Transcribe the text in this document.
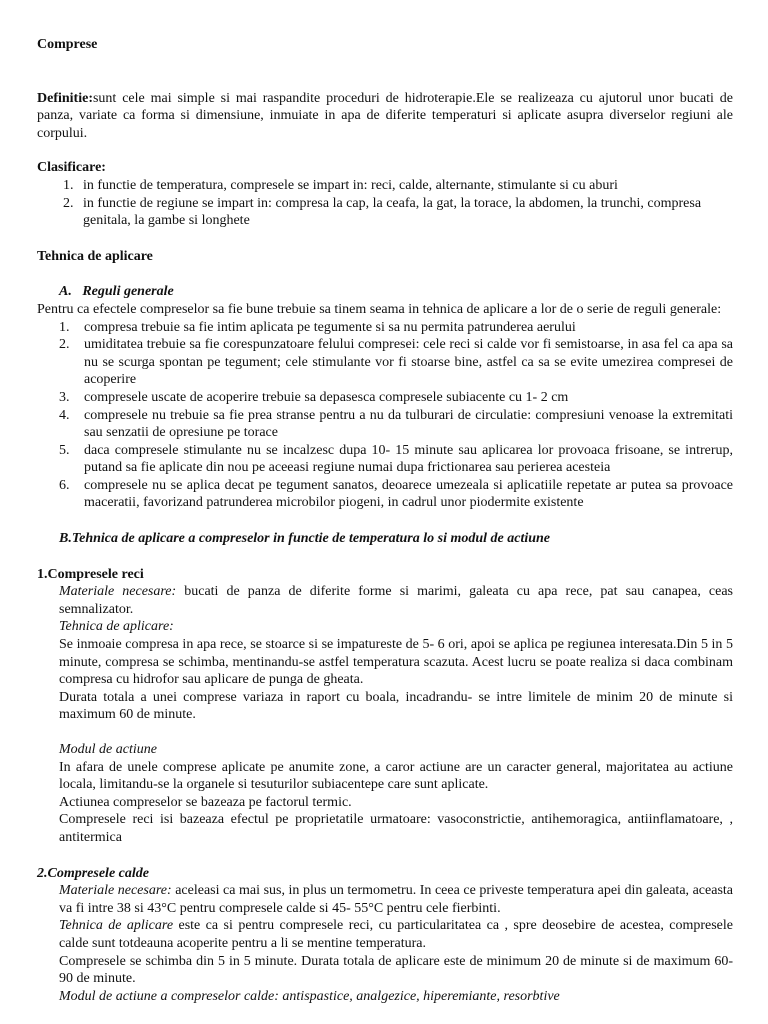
Comprese

Definitie:sunt cele mai simple si mai raspandite proceduri de hidroterapie.Ele se realizeaza cu ajutorul unor bucati de panza, variate ca forma si dimensiune, inmuiate in apa de diferite temperaturi si aplicate asupra diverselor regiuni ale corpului.

Clasificare:

1. in functie de temperatura, compresele se impart in: reci, calde, alternante, stimulante si cu aburi
2. in functie de regiune se impart in: compresa la cap, la ceafa, la gat, la torace, la abdomen, la trunchi, compresa genitala, la gambe si longhete

Tehnica de aplicare

A.   Reguli generale

Pentru ca efectele compreselor sa fie bune trebuie sa tinem seama in tehnica de aplicare a lor de o serie de reguli generale:

1. compresa trebuie sa fie intim aplicata pe tegumente si sa nu permita patrunderea aerului
2. umiditatea trebuie sa fie corespunzatoare felului compresei: cele reci si calde vor fi semistoarse, in asa fel ca apa sa nu se scurga spontan pe tegument; cele stimulante vor fi stoarse bine, astfel ca sa se evite umezirea compresei de acoperire
3. compresele uscate de acoperire trebuie sa depasesca compresele subiacente cu 1- 2 cm
4. compresele nu trebuie sa fie prea stranse pentru a nu da tulburari de circulatie: compresiuni venoase la extremitati sau senzatii de opresiune pe torace
5. daca compresele stimulante nu se incalzesc dupa 10- 15 minute sau aplicarea lor provoaca frisoane, se intrerup, putand sa fie aplicate din nou pe aceeasi regiune numai dupa frictionarea sau perierea acesteia
6. compresele nu se aplica decat pe tegument sanatos, deoarece umezeala si aplicatiile repetate ar putea sa provoace maceratii, favorizand patrunderea microbilor piogeni, in cadrul unor piodermite existente

B.Tehnica de aplicare a compreselor in functie de temperatura lo si modul de actiune

1.Compresele reci

Materiale necesare: bucati de panza de diferite forme si marimi, galeata cu apa rece, pat sau canapea, ceas semnalizator.

Tehnica de aplicare:

Se inmoaie compresa in apa rece, se stoarce si se impatureste de 5- 6 ori, apoi se aplica pe regiunea interesata.Din 5 in 5 minute, compresa se schimba, mentinandu-se astfel temperatura scazuta. Acest lucru se poate realiza si daca combinam compresa cu hidrofor sau aplicare de punga de gheata.

Durata totala a unei comprese variaza in raport cu boala, incadrandu- se intre limitele de minim 20 de minute si maximum 60 de minute.

Modul de actiune

In afara de unele comprese aplicate pe anumite zone, a caror actiune are un caracter general, majoritatea au actiune locala, limitandu-se la organele si tesuturilor subiacentepe care sunt aplicate.

Actiunea compreselor se bazeaza pe factorul termic.

Compresele reci isi bazeaza efectul pe proprietatile urmatoare: vasoconstrictie, antihemoragica, antiinflamatoare, , antitermica

2.Compresele calde

Materiale necesare: aceleasi ca mai sus, in plus un termometru. In ceea ce priveste temperatura apei din galeata, aceasta va fi intre 38 si 43°C pentru compresele calde si 45- 55°C pentru cele fierbinti.

Tehnica de aplicare este ca si pentru compresele reci, cu particularitatea ca , spre deosebire de acestea, compresele calde sunt totdeauna acoperite pentru a li se mentine temperatura.

Compresele se schimba din 5 in 5 minute. Durata totala de aplicare este de minimum 20 de minute si de maximum 60- 90 de minute.

Modul de actiune a compreselor calde: antispastice, analgezice, hiperemiante, resorbtive
